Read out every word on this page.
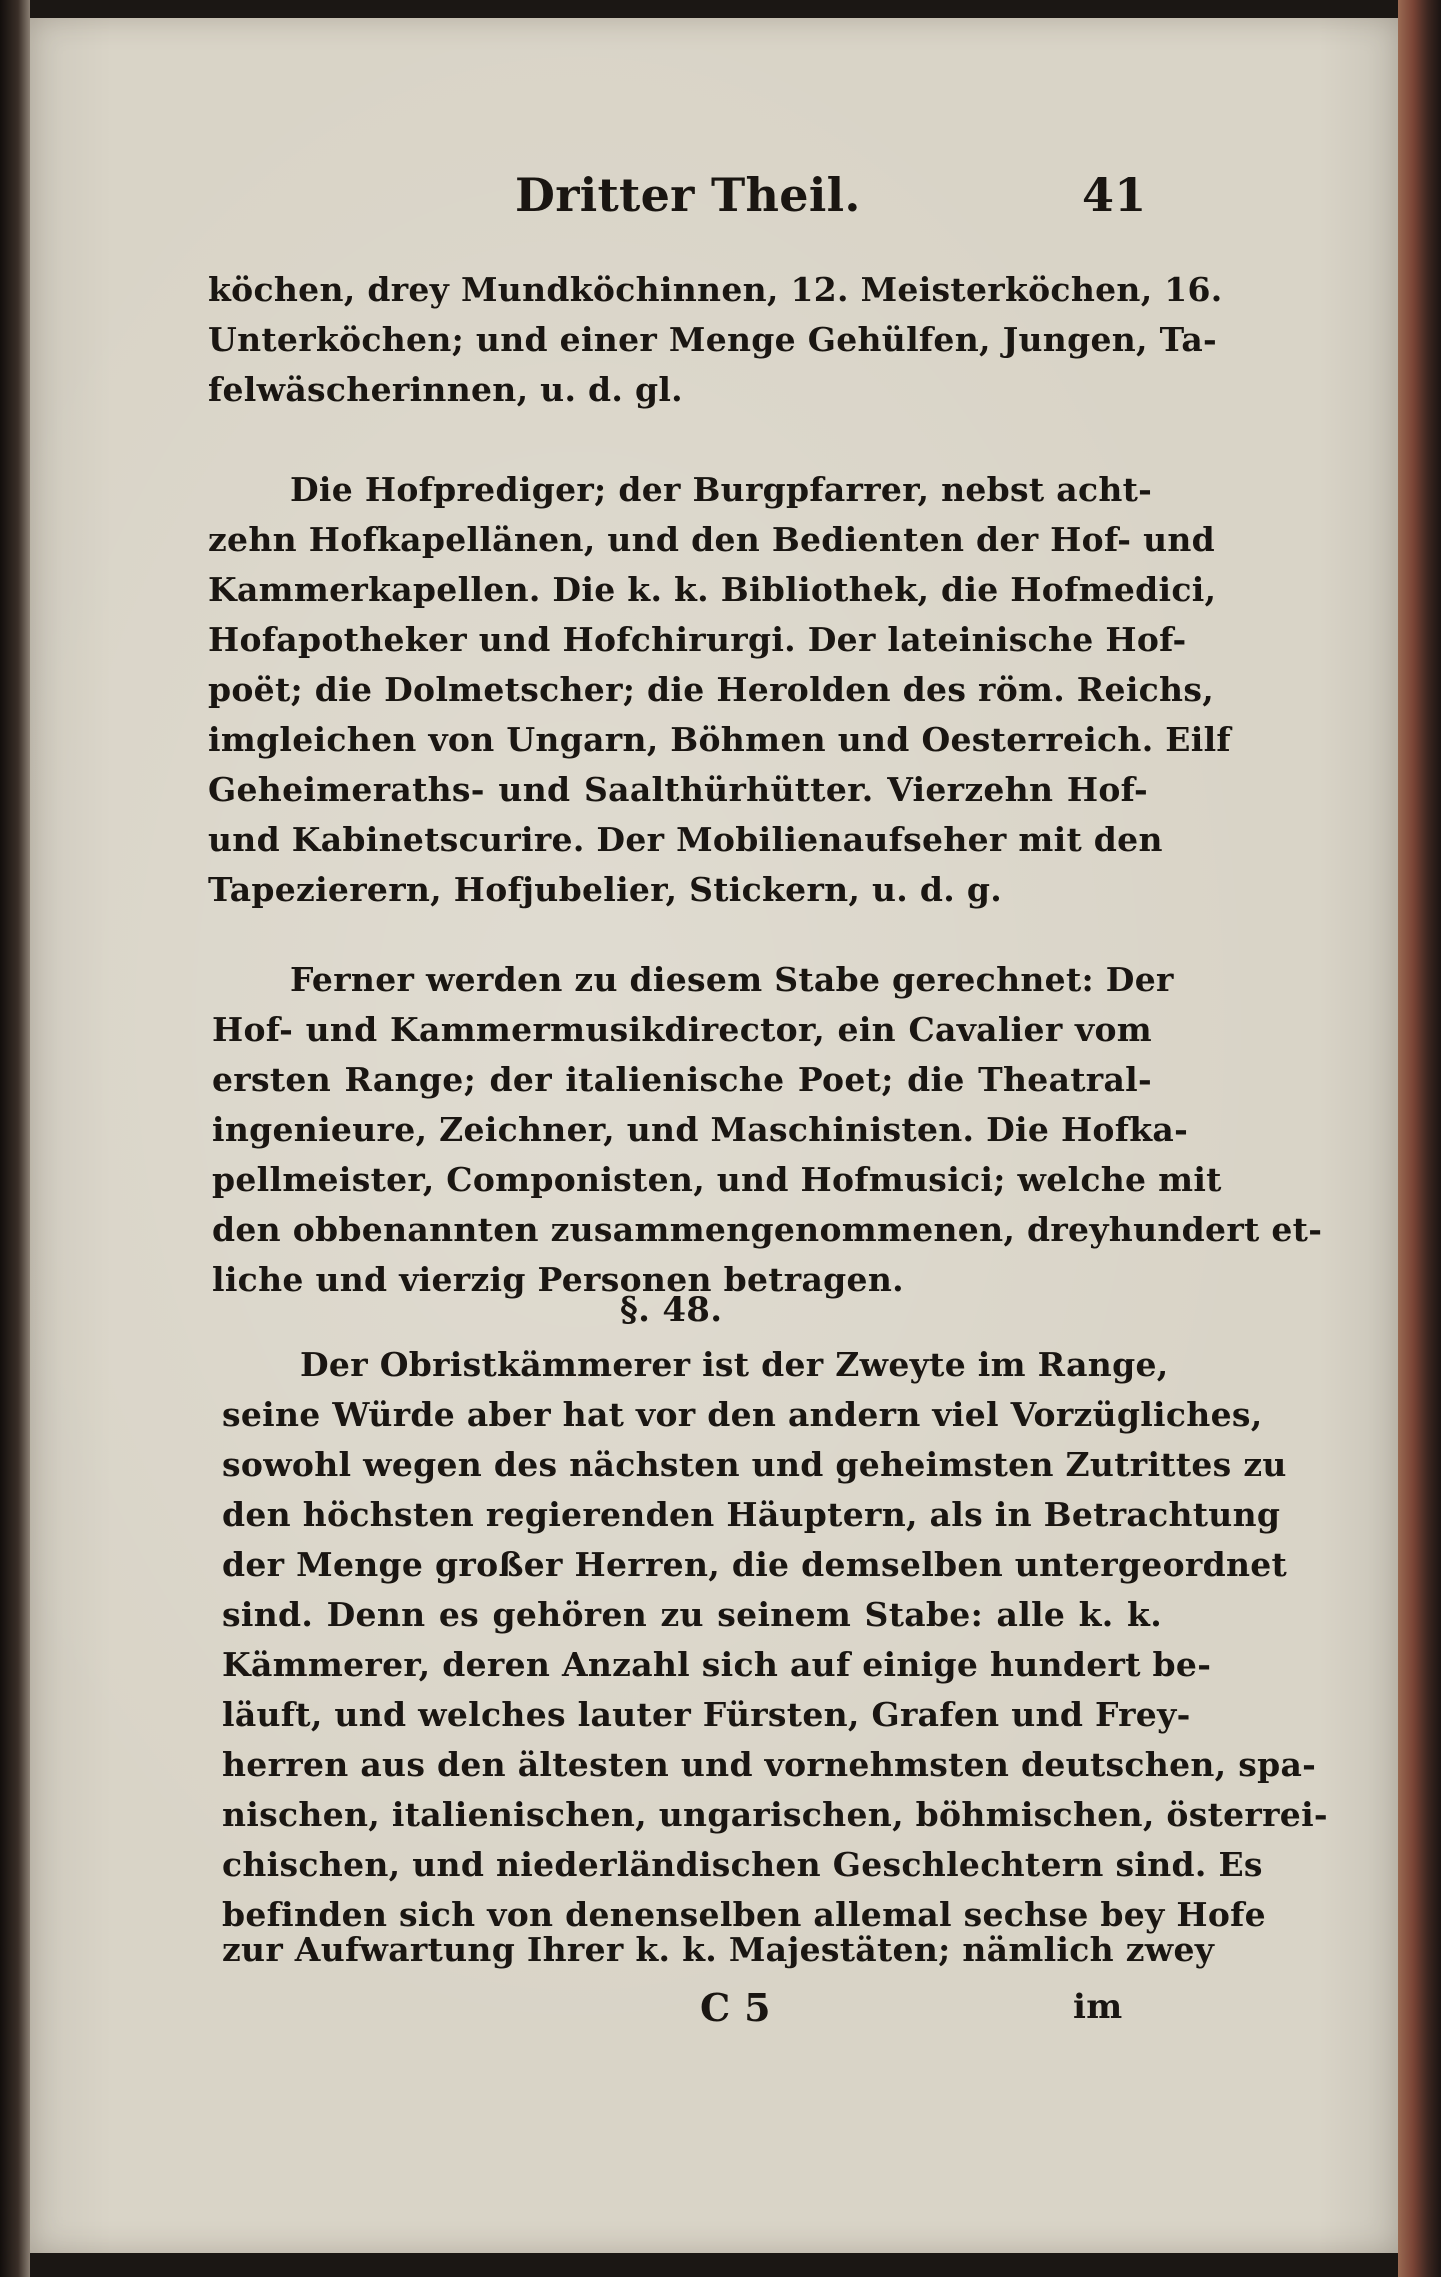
Dritter Theil.	41
köchen, drey Mundköchinnen, 12. Meisterköchen, 16.
Unterköchen; und einer Menge Gehülfen, Jungen, Ta-
felwäscherinnen, u. d. gl.
Die Hofprediger; der Burgpfarrer, nebst acht-
zehn Hofkapellänen, und den Bedienten der Hof- und
Kammerkapellen. Die k. k. Bibliothek, die Hofmedici,
Hofapotheker und Hofchirurgi. Der lateinische Hof-
poët; die Dolmetscher; die Herolden des röm. Reichs,
imgleichen von Ungarn, Böhmen und Oesterreich. Eilf
Geheimeraths- und Saalthürhütter. Vierzehn Hof-
und Kabinetscurire. Der Mobilienaufseher mit den
Tapezierern, Hofjubelier, Stickern, u. d. g.
Ferner werden zu diesem Stabe gerechnet: Der
Hof- und Kammermusikdirector, ein Cavalier vom
ersten Range; der italienische Poet; die Theatral-
ingenieure, Zeichner, und Maschinisten. Die Hofka-
pellmeister, Componisten, und Hofmusici; welche mit
den obbenannten zusammengenommenen, dreyhundert et-
liche und vierzig Personen betragen.
§. 48.
Der Obristkämmerer ist der Zweyte im Range,
seine Würde aber hat vor den andern viel Vorzügliches,
sowohl wegen des nächsten und geheimsten Zutrittes zu
den höchsten regierenden Häuptern, als in Betrachtung
der Menge großer Herren, die demselben untergeordnet
sind. Denn es gehören zu seinem Stabe: alle k. k.
Kämmerer, deren Anzahl sich auf einige hundert be-
läuft, und welches lauter Fürsten, Grafen und Frey-
herren aus den ältesten und vornehmsten deutschen, spa-
nischen, italienischen, ungarischen, böhmischen, österrei-
chischen, und niederländischen Geschlechtern sind. Es
befinden sich von denenselben allemal sechse bey Hofe
zur Aufwartung Ihrer k. k. Majestäten; nämlich zwey
C 5	im
